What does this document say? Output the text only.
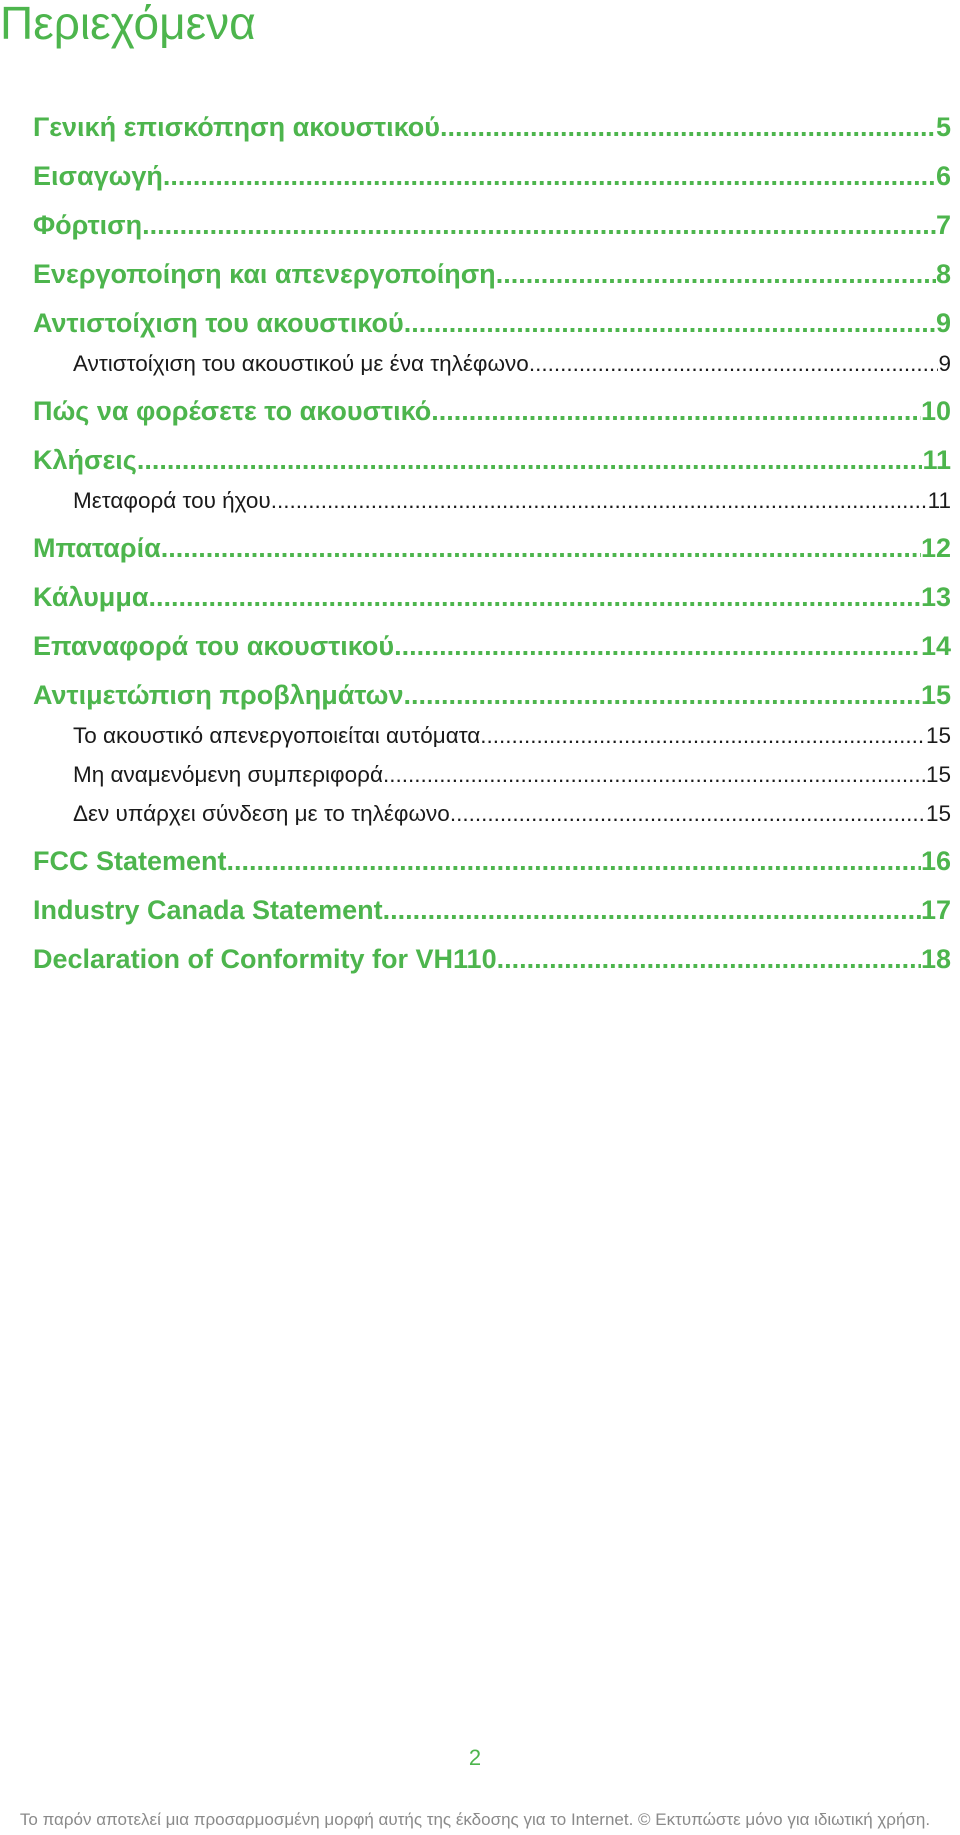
Περιεχόμενα
Γενική επισκόπηση ακουστικού .....	5
Εισαγωγή .....	6
Φόρτιση .....	7
Ενεργοποίηση και απενεργοποίηση .....	8
Αντιστοίχιση του ακουστικού .....	9
Αντιστοίχιση του ακουστικού με ένα τηλέφωνο .....	9
Πώς να φορέσετε το ακουστικό .....	10
Κλήσεις .....	11
Μεταφορά του ήχου .....	11
Μπαταρία .....	12
Κάλυμμα .....	13
Επαναφορά του ακουστικού .....	14
Αντιμετώπιση προβλημάτων .....	15
Το ακουστικό απενεργοποιείται αυτόματα .....	15
Μη αναμενόμενη συμπεριφορά .....	15
Δεν υπάρχει σύνδεση με το τηλέφωνο .....	15
FCC Statement .....	16
Industry Canada Statement .....	17
Declaration of Conformity for VH110 .....	18
2
Το παρόν αποτελεί μια προσαρμοσμένη μορφή αυτής της έκδοσης για το Internet. © Εκτυπώστε μόνο για ιδιωτική χρήση.
